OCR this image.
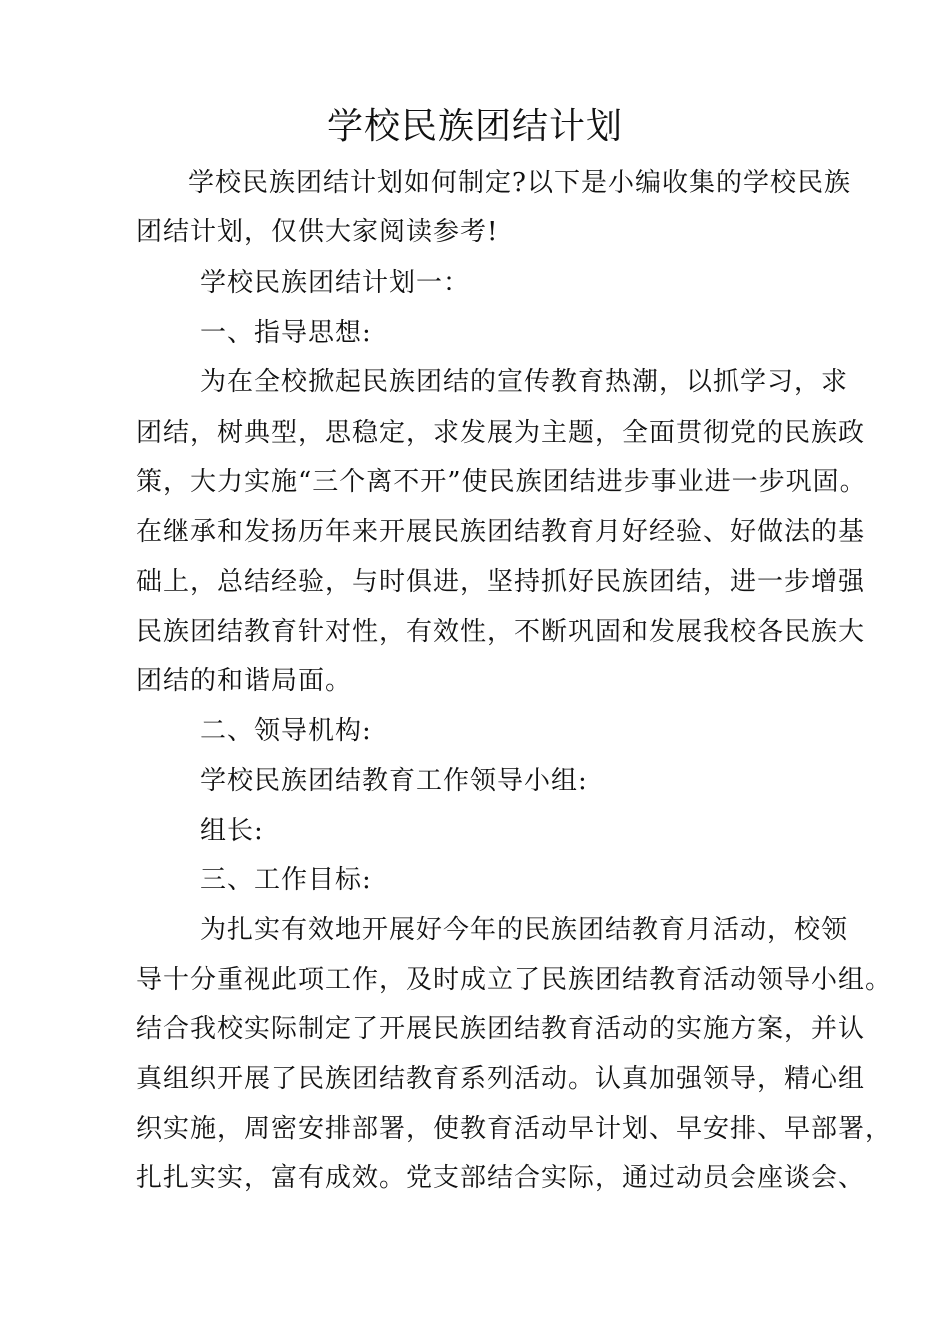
学校民族团结计划
学校民族团结计划如何制定?以下是小编收集的学校民族
团结计划，仅供大家阅读参考!
学校民族团结计划一：
一、指导思想:
为在全校掀起民族团结的宣传教育热潮，以抓学习，求
团结，树典型，思稳定，求发展为主题，全面贯彻党的民族政
策，大力实施“三个离不开”使民族团结进步事业进一步巩固。
在继承和发扬历年来开展民族团结教育月好经验、好做法的基
础上，总结经验，与时俱进，坚持抓好民族团结，进一步增强
民族团结教育针对性，有效性，不断巩固和发展我校各民族大
团结的和谐局面。
二、领导机构:
学校民族团结教育工作领导小组:
组长:
三、工作目标:
为扎实有效地开展好今年的民族团结教育月活动，校领
导十分重视此项工作，及时成立了民族团结教育活动领导小组。
结合我校实际制定了开展民族团结教育活动的实施方案，并认
真组织开展了民族团结教育系列活动。认真加强领导，精心组
织实施，周密安排部署，使教育活动早计划、早安排、早部署，
扎扎实实，富有成效。党支部结合实际，通过动员会座谈会、
